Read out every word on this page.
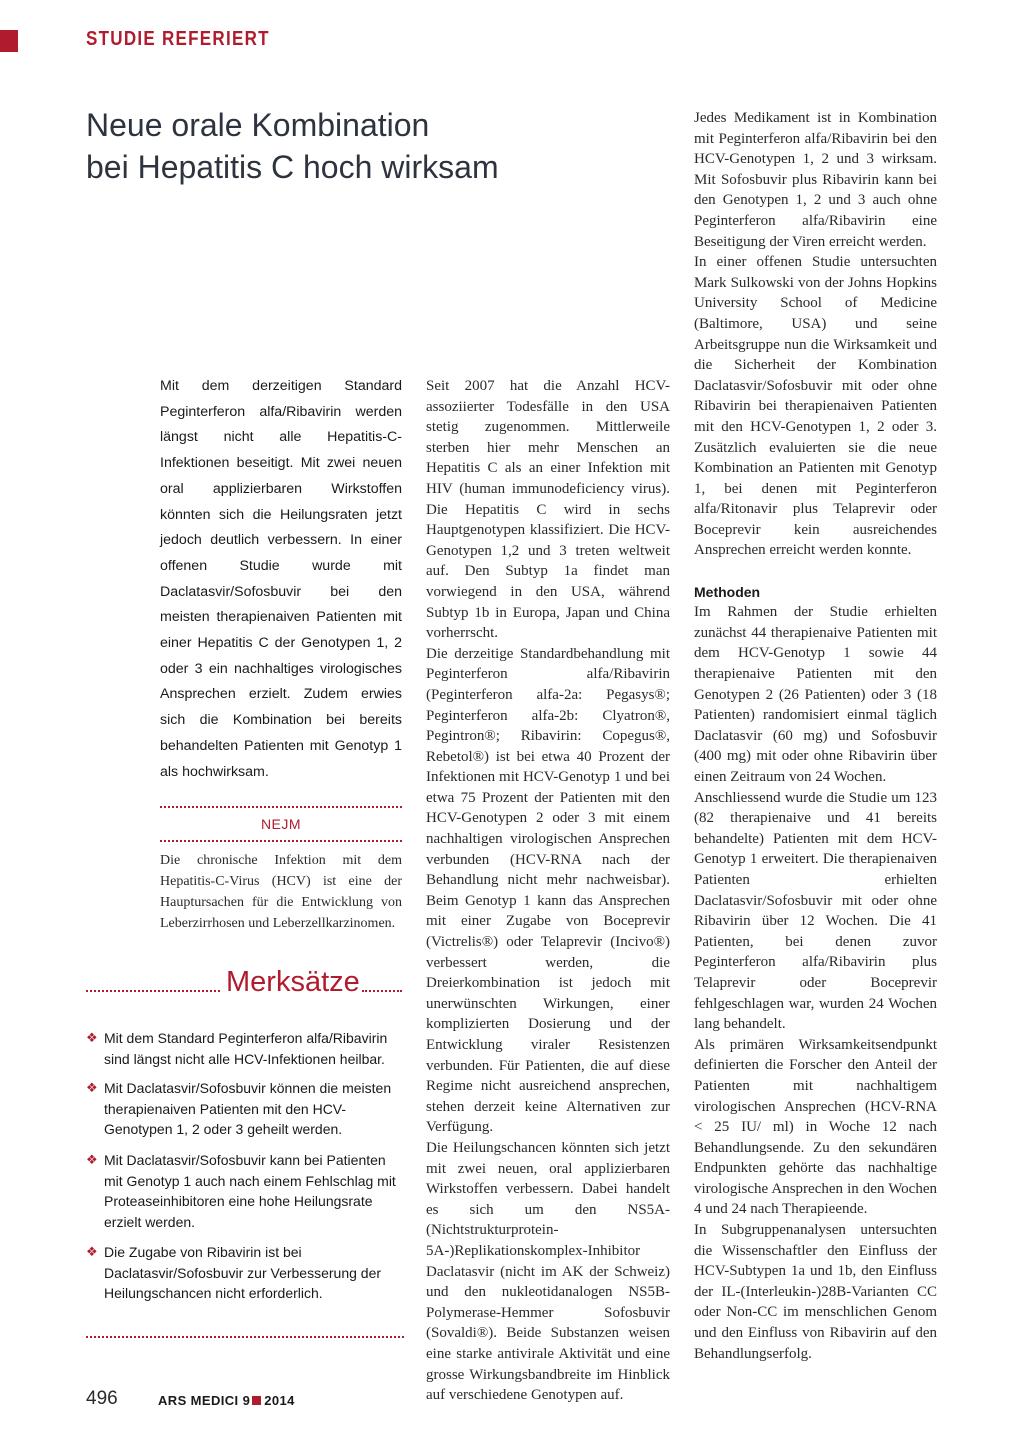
STUDIE REFERIERT
Neue orale Kombination
bei Hepatitis C hoch wirksam
Mit dem derzeitigen Standard Peginterferon alfa/Ribavirin werden längst nicht alle Hepatitis-C-Infektionen beseitigt. Mit zwei neuen oral applizierbaren Wirkstoffen könnten sich die Heilungsraten jetzt jedoch deutlich verbessern. In einer offenen Studie wurde mit Daclatasvir/Sofosbuvir bei den meisten therapienaiven Patienten mit einer Hepatitis C der Genotypen 1, 2 oder 3 ein nachhaltiges virologisches Ansprechen erzielt. Zudem erwies sich die Kombination bei bereits behandelten Patienten mit Genotyp 1 als hochwirksam.
NEJM
Die chronische Infektion mit dem Hepatitis-C-Virus (HCV) ist eine der Hauptursachen für die Entwicklung von Leberzirrhosen und Leberzellkarzinomen.
Merksätze
❖ Mit dem Standard Peginterferon alfa/Ribavirin sind längst nicht alle HCV-Infektionen heilbar.
❖ Mit Daclatasvir/Sofosbuvir können die meisten therapienaiven Patienten mit den HCV-Genotypen 1, 2 oder 3 geheilt werden.
❖ Mit Daclatasvir/Sofosbuvir kann bei Patienten mit Genotyp 1 auch nach einem Fehlschlag mit Proteaseinhibitoren eine hohe Heilungsrate erzielt werden.
❖ Die Zugabe von Ribavirin ist bei Daclatasvir/Sofosbuvir zur Verbesserung der Heilungschancen nicht erforderlich.

Seit 2007 hat die Anzahl HCV-assoziierter Todesfälle in den USA stetig zugenommen. Mittlerweile sterben hier mehr Menschen an Hepatitis C als an einer Infektion mit HIV (human immunodeficiency virus). Die Hepatitis C wird in sechs Hauptgenotypen klassifiziert. Die HCV-Genotypen 1,2 und 3 treten weltweit auf. Den Subtyp 1a findet man vorwiegend in den USA, während Subtyp 1b in Europa, Japan und China vorherrscht.

Die derzeitige Standardbehandlung mit Peginterferon alfa/Ribavirin (Peginterferon alfa-2a: Pegasys®; Peginterferon alfa-2b: Clyatron®, Pegintron®; Ribavirin: Copegus®, Rebetol®) ist bei etwa 40 Prozent der Infektionen mit HCV-Genotyp 1 und bei etwa 75 Prozent der Patienten mit den HCV-Genotypen 2 oder 3 mit einem nachhaltigen virologischen Ansprechen verbunden (HCV-RNA nach der Behandlung nicht mehr nachweisbar). Beim Genotyp 1 kann das Ansprechen mit einer Zugabe von Boceprevir (Victrelis®) oder Telaprevir (Incivo®) verbessert werden, die Dreierkombination ist jedoch mit unerwünschten Wirkungen, einer komplizierten Dosierung und der Entwicklung viraler Resistenzen verbunden. Für Patienten, die auf diese Regime nicht ausreichend ansprechen, stehen derzeit keine Alternativen zur Verfügung.

Die Heilungschancen könnten sich jetzt mit zwei neuen, oral applizierbaren Wirkstoffen verbessern. Dabei handelt es sich um den NS5A-(Nichtstrukturprotein-5A-)Replikationskomplex-Inhibitor Daclatasvir (nicht im AK der Schweiz) und den nukleotidanalogen NS5B-Polymerase-Hemmer Sofosbuvir (Sovaldi®). Beide Substanzen weisen eine starke antivirale Aktivität und eine grosse Wirkungsbandbreite im Hinblick auf verschiedene Genotypen auf.

Jedes Medikament ist in Kombination mit Peginterferon alfa/Ribavirin bei den HCV-Genotypen 1, 2 und 3 wirksam. Mit Sofosbuvir plus Ribavirin kann bei den Genotypen 1, 2 und 3 auch ohne Peginterferon alfa/Ribavirin eine Beseitigung der Viren erreicht werden.

In einer offenen Studie untersuchten Mark Sulkowski von der Johns Hopkins University School of Medicine (Baltimore, USA) und seine Arbeitsgruppe nun die Wirksamkeit und die Sicherheit der Kombination Daclatasvir/Sofosbuvir mit oder ohne Ribavirin bei therapienaiven Patienten mit den HCV-Genotypen 1, 2 oder 3. Zusätzlich evaluierten sie die neue Kombination an Patienten mit Genotyp 1, bei denen mit Peginterferon alfa/Ritonavir plus Telaprevir oder Boceprevir kein ausreichendes Ansprechen erreicht werden konnte.

Methoden

Im Rahmen der Studie erhielten zunächst 44 therapienaive Patienten mit dem HCV-Genotyp 1 sowie 44 therapienaive Patienten mit den Genotypen 2 (26 Patienten) oder 3 (18 Patienten) randomisiert einmal täglich Daclatasvir (60 mg) und Sofosbuvir (400 mg) mit oder ohne Ribavirin über einen Zeitraum von 24 Wochen.

Anschliessend wurde die Studie um 123 (82 therapienaive und 41 bereits behandelte) Patienten mit dem HCV-Genotyp 1 erweitert. Die therapienaiven Patienten erhielten Daclatasvir/Sofosbuvir mit oder ohne Ribavirin über 12 Wochen. Die 41 Patienten, bei denen zuvor Peginterferon alfa/Ribavirin plus Telaprevir oder Boceprevir fehlgeschlagen war, wurden 24 Wochen lang behandelt.

Als primären Wirksamkeitsendpunkt definierten die Forscher den Anteil der Patienten mit nachhaltigem virologischen Ansprechen (HCV-RNA < 25 IU/ ml) in Woche 12 nach Behandlungsende. Zu den sekundären Endpunkten gehörte das nachhaltige virologische Ansprechen in den Wochen 4 und 24 nach Therapieende.

In Subgruppenanalysen untersuchten die Wissenschaftler den Einfluss der HCV-Subtypen 1a und 1b, den Einfluss der IL-(Interleukin-)28B-Varianten CC oder Non-CC im menschlichen Genom und den Einfluss von Ribavirin auf den Behandlungserfolg.

496	ARS MEDICI 9 2014
